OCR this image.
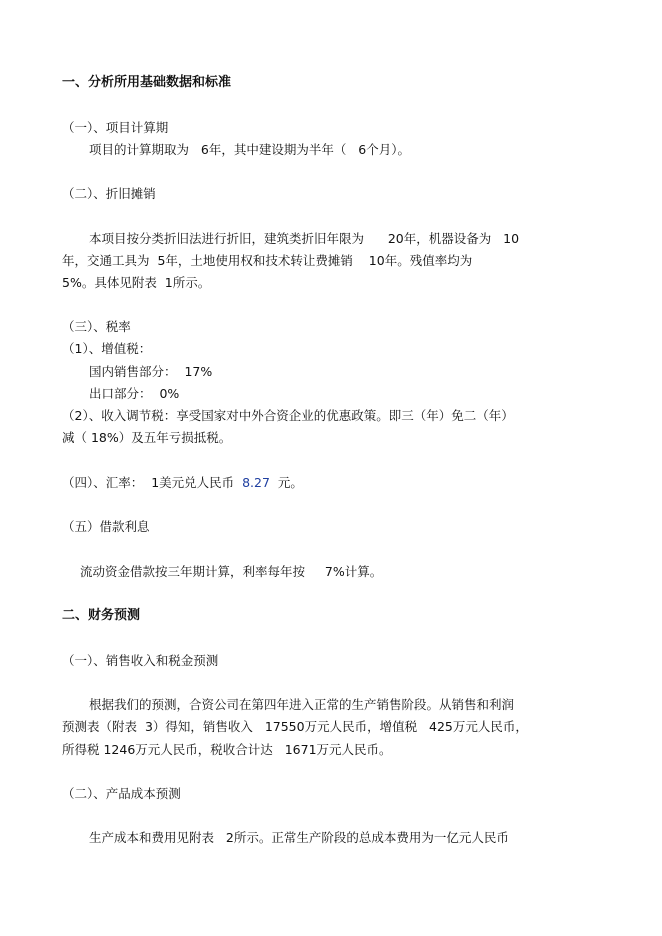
一、分析所用基础数据和标准
（一）、项目计算期
项目的计算期取为   6年，其中建设期为半年（   6个月）。
（二）、折旧摊销
本项目按分类折旧法进行折旧，建筑类折旧年限为      20年，机器设备为   10
年，交通工具为  5年，土地使用权和技术转让费摊销    10年。残值率均为
5%。具体见附表  1所示。
（三）、税率
（1）、增值税：
国内销售部分：  17%
出口部分：  0%
（2）、收入调节税：享受国家对中外合资企业的优惠政策。即三（年）免二（年）
减（ 18%）及五年亏损抵税。
（四）、汇率：  1美元兑人民币  8.27  元。
（五）借款利息
流动资金借款按三年期计算，利率每年按     7%计算。
二、财务预测
（一）、销售收入和税金预测
根据我们的预测，合资公司在第四年进入正常的生产销售阶段。从销售和利润
预测表（附表  3）得知，销售收入   17550万元人民币，增值税   425万元人民币，
所得税 1246万元人民币，税收合计达   1671万元人民币。
（二）、产品成本预测
生产成本和费用见附表   2所示。正常生产阶段的总成本费用为一亿元人民币
